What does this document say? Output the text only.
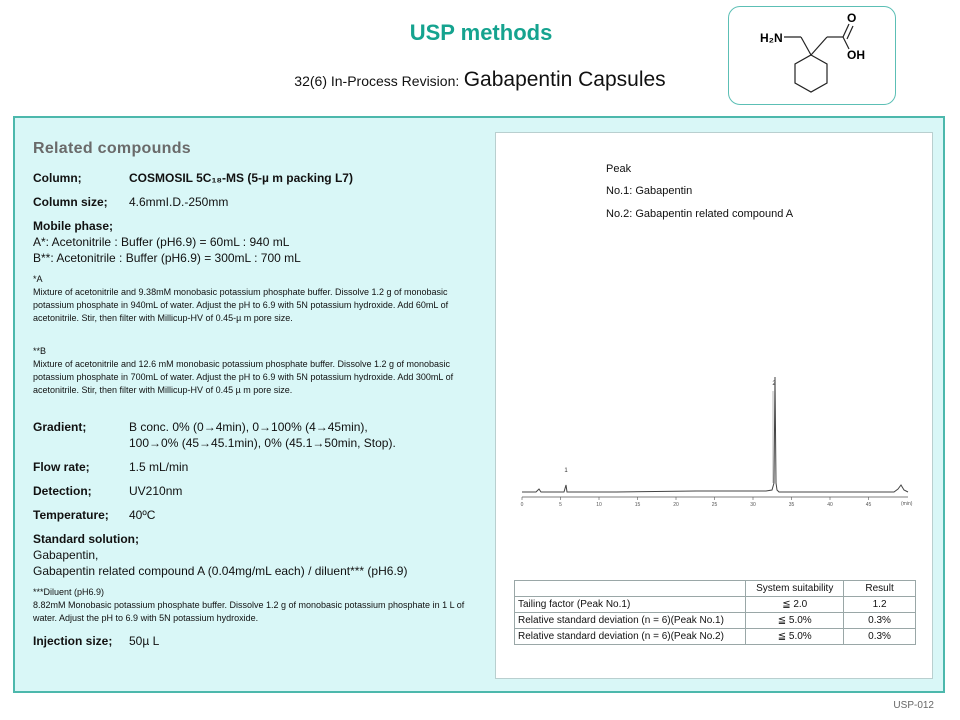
USP methods
32(6) In-Process Revision: Gabapentin Capsules
H₂N
O
OH
Related compounds
Column;	COSMOSIL 5C₁₈-MS (5-µ m packing L7)
Column size; 4.6mmI.D.-250mm
Mobile phase;
A*: Acetonitrile : Buffer (pH6.9) = 60mL : 940 mL
B**: Acetonitrile : Buffer (pH6.9) = 300mL : 700 mL
*A
Mixture of acetonitrile and 9.38mM monobasic potassium phosphate buffer. Dissolve 1.2 g of monobasic potassium phosphate in 940mL of water. Adjust the pH to 6.9 with 5N potassium hydroxide. Add 60mL of acetonitrile. Stir, then filter with Millicup-HV of 0.45-µ m pore size.
**B
Mixture of acetonitrile and 12.6 mM monobasic potassium phosphate buffer. Dissolve 1.2 g of monobasic potassium phosphate in 700mL of water. Adjust the pH to 6.9 with 5N potassium hydroxide. Add 300mL of acetonitrile. Stir, then filter with Millicup-HV of 0.45 µ m pore size.
Gradient;	B conc. 0% (0→4min), 0→100% (4→45min),
100→0% (45→45.1min), 0% (45.1→50min, Stop).
Flow rate;	1.5 mL/min
Detection;	UV210nm
Temperature; 40ºC
Standard solution;
Gabapentin,
Gabapentin related compound A (0.04mg/mL each) / diluent*** (pH6.9)
***Diluent (pH6.9)
8.82mM Monobasic potassium phosphate buffer. Dissolve 1.2 g of monobasic potassium phosphate in 1 L of water. Adjust the pH to 6.9 with 5N potassium hydroxide.
Injection size; 50µ L
Peak
No.1: Gabapentin
No.2: Gabapentin related compound A
0	5	10	15	20	25	30	35	40	45
1
2
(min)
	System suitability	Result
Tailing factor (Peak No.1)	≦ 2.0	1.2
Relative standard deviation (n = 6)(Peak No.1)	≦ 5.0%	0.3%
Relative standard deviation (n = 6)(Peak No.2)	≦ 5.0%	0.3%
USP-012
